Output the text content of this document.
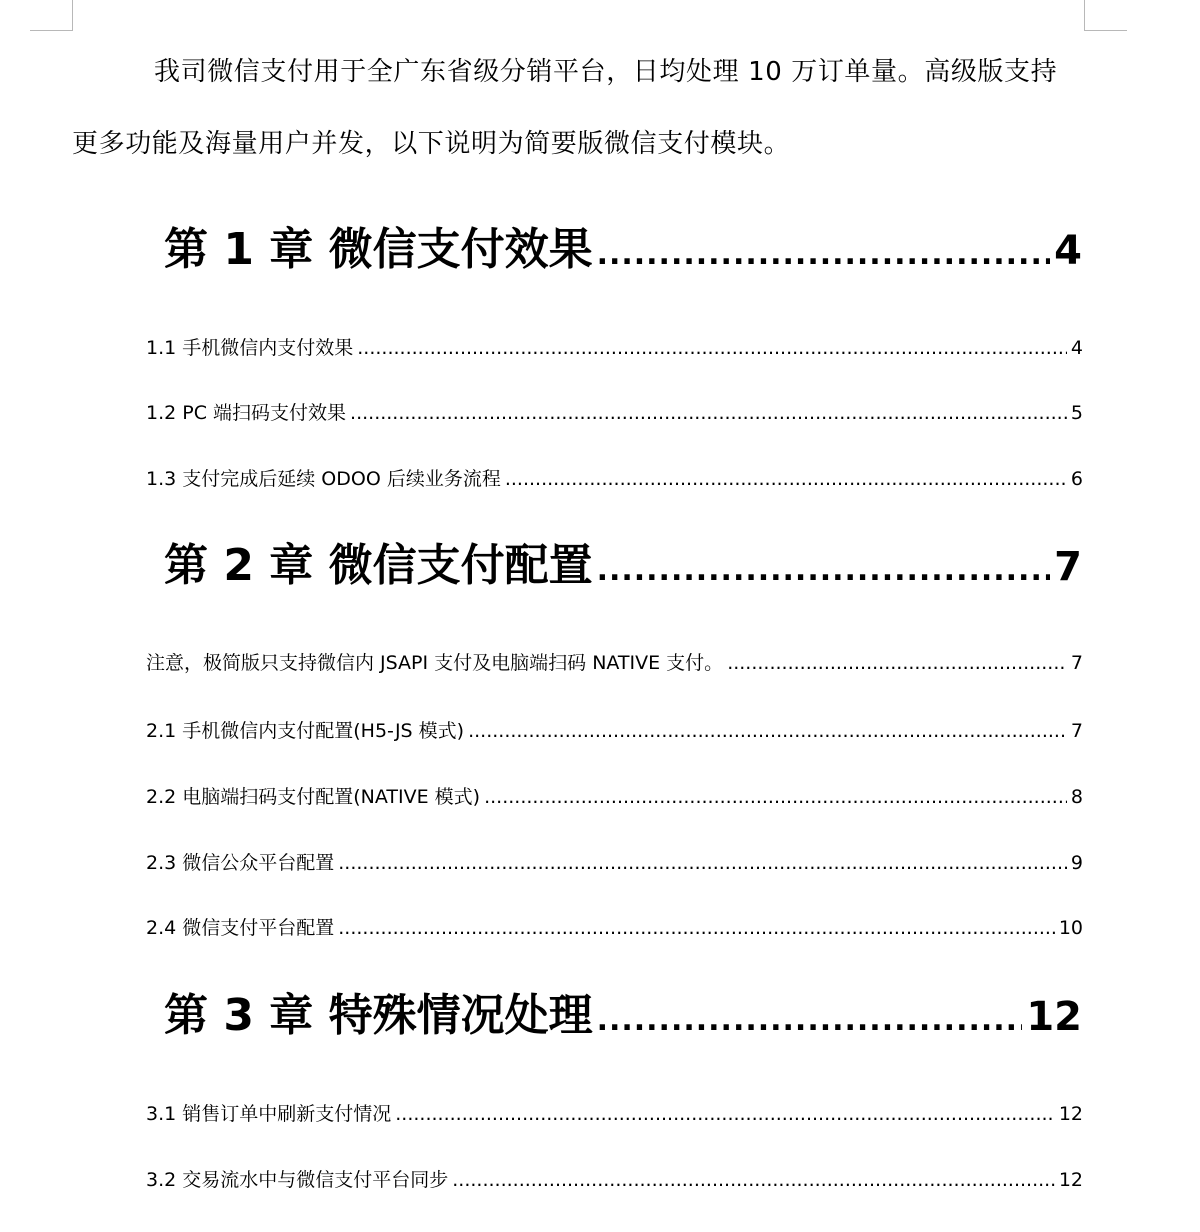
我司微信支付用于全广东省级分销平台，日均处理 10 万订单量。高级版支持更多功能及海量用户并发，以下说明为简要版微信支付模块。

第 1 章 微信支付效果 .....	4
1.1 手机微信内支付效果 .....	4
1.2 PC 端扫码支付效果 .....	5
1.3 支付完成后延续 ODOO 后续业务流程 .....	6
第 2 章 微信支付配置 .....	7
注意，极简版只支持微信内 JSAPI 支付及电脑端扫码 NATIVE 支付。 .....	7
2.1 手机微信内支付配置(H5-JS 模式) .....	7
2.2 电脑端扫码支付配置(NATIVE 模式) .....	8
2.3 微信公众平台配置 .....	9
2.4 微信支付平台配置 .....	10
第 3 章 特殊情况处理 .....	12
3.1 销售订单中刷新支付情况 .....	12
3.2 交易流水中与微信支付平台同步 .....	12
